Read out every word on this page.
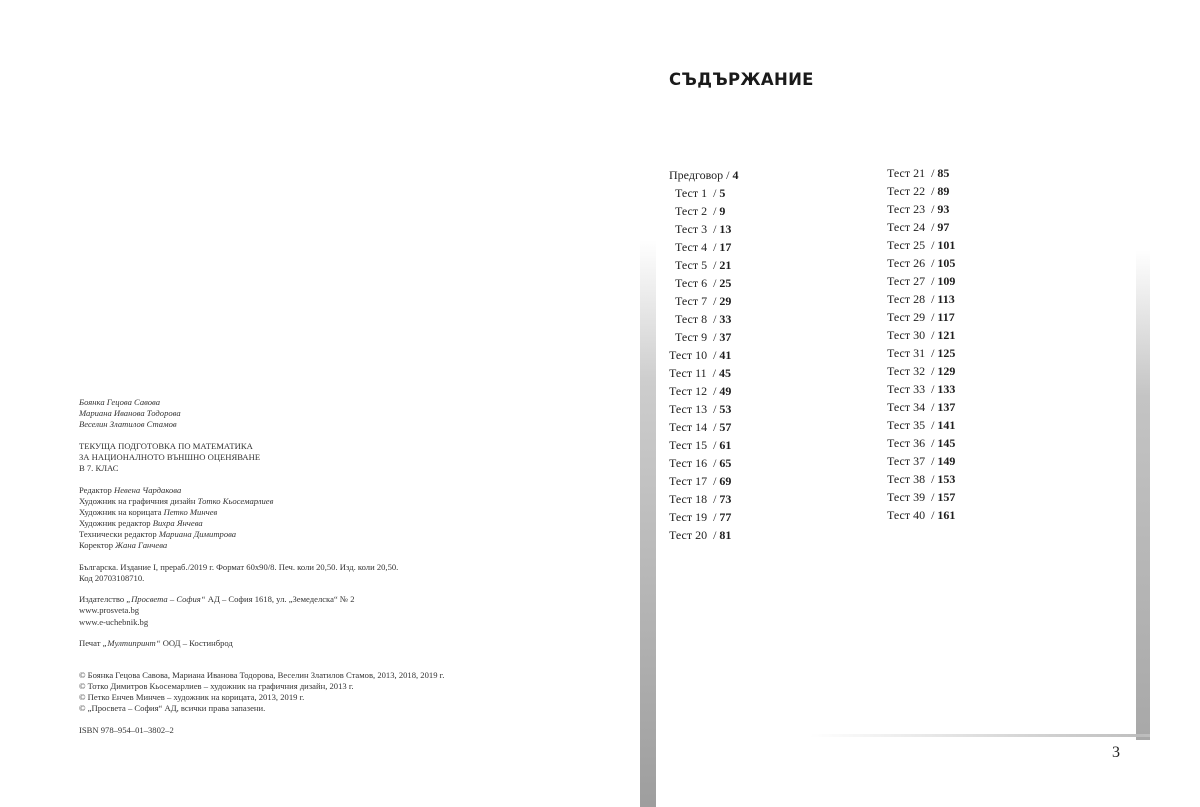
Боянка Гецова Савова
Мариана Иванова Тодорова
Веселин Златилов Стамов
ТЕКУЩА ПОДГОТОВКА ПО МАТЕМАТИКА
ЗА НАЦИОНАЛНОТО ВЪНШНО ОЦЕНЯВАНЕ
В 7. КЛАС
Редактор Невена Чардакова
Художник на графичния дизайн Тотко Кьосемарлиев
Художник на корицата Петко Минчев
Художник редактор Вихра Янчева
Технически редактор Мариана Димитрова
Коректор Жана Ганчева
Българска. Издание I, прераб./2019 г. Формат 60х90/8. Печ. коли 20,50. Изд. коли 20,50.
Код 20703108710.
Издателство „Просвета – София“ АД – София 1618, ул. „Земеделска“ № 2
www.prosveta.bg
www.e-uchebnik.bg
Печат „Мултипринт“ ООД – Костинброд
© Боянка Гецова Савова, Мариана Иванова Тодорова, Веселин Златилов Стамов, 2013, 2018, 2019 г.
© Тотко Димитров Кьосемарлиев – художник на графичния дизайн, 2013 г.
© Петко Енчев Минчев – художник на корицата, 2013, 2019 г.
© „Просвета – София“ АД, всички права запазени.
ISBN 978–954–01–3802–2
СЪДЪРЖАНИЕ
Предговор / 4
Тест 1  / 5
Тест 2  / 9
Тест 3  / 13
Тест 4  / 17
Тест 5  / 21
Тест 6  / 25
Тест 7  / 29
Тест 8  / 33
Тест 9  / 37
Тест 10  / 41
Тест 11  / 45
Тест 12  / 49
Тест 13  / 53
Тест 14  / 57
Тест 15  / 61
Тест 16  / 65
Тест 17  / 69
Тест 18  / 73
Тест 19  / 77
Тест 20  / 81
Тест 21  / 85
Тест 22  / 89
Тест 23  / 93
Тест 24  / 97
Тест 25  / 101
Тест 26  / 105
Тест 27  / 109
Тест 28  / 113
Тест 29  / 117
Тест 30  / 121
Тест 31  / 125
Тест 32  / 129
Тест 33  / 133
Тест 34  / 137
Тест 35  / 141
Тест 36  / 145
Тест 37  / 149
Тест 38  / 153
Тест 39  / 157
Тест 40  / 161
3
